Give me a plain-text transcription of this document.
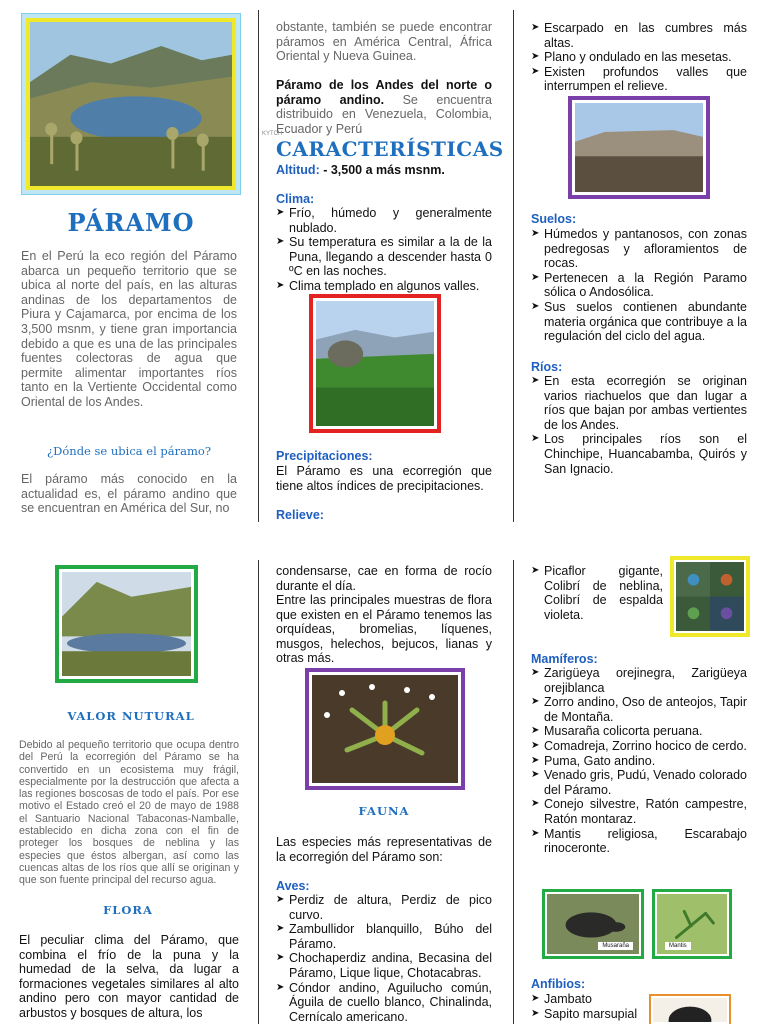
PÁRAMO
En el Perú la eco región del Páramo abarca un pequeño territorio que se ubica al norte del país, en las alturas andinas de los departamentos de Piura y Cajamarca, por encima de los 3,500 msnm, y tiene gran importancia debido a que es una de las principales fuentes colectoras de agua que permite alimentar importantes ríos tanto en la Vertiente Occidental como Oriental de los Andes.
¿Dónde se ubica el páramo?
El páramo más conocido en la actualidad es, el páramo andino que se encuentran en América del Sur, no
obstante, también se puede encontrar páramos en América Central, África Oriental y Nueva Guinea.
Páramo de los Andes del norte o páramo andino. Se encuentra distribuido en Venezuela, Colombia, Ecuador y Perú
KYTCH
CARACTERÍSTICAS
Altitud: - 3,500 a más msnm.
Clima:
➤ Frío, húmedo y generalmente nublado.
➤ Su temperatura es similar a la de la Puna, llegando a descender hasta 0 ºC en las noches.
➤ Clima templado en algunos valles.
Precipitaciones:
El Páramo es una ecorregión que tiene altos índices de precipitaciones.
Relieve:
➤ Escarpado en las cumbres más altas.
➤ Plano y ondulado en las mesetas.
➤ Existen profundos valles que interrumpen el relieve.
Suelos:
➤ Húmedos y pantanosos, con zonas pedregosas y afloramientos de rocas.
➤ Pertenecen a la Región Paramo sólica o Andosólica.
➤ Sus suelos contienen abundante materia orgánica que contribuye a la regulación del ciclo del agua.
Ríos:
➤ En esta ecorregión se originan varios riachuelos que dan lugar a ríos que bajan por ambas vertientes de los Andes.
➤ Los principales ríos son el Chinchipe, Huancabamba, Quirós y San Ignacio.
VALOR NUTURAL
Debido al pequeño territorio que ocupa dentro del Perú la ecorregión del Páramo se ha convertido en un ecosistema muy frágil, especialmente por la destrucción que afecta a las regiones boscosas de todo el país. Por ese motivo el Estado creó el 20 de mayo de 1988 el Santuario Nacional Tabaconas-Namballe, establecido en dicha zona con el fin de proteger los bosques de neblina y las especies que éstos albergan, así como las cuencas altas de los ríos que allí se originan y que son fuente principal del recurso agua.
FLORA
El peculiar clima del Páramo, que combina el frío de la puna y la humedad de la selva, da lugar a formaciones vegetales similares al alto andino pero con mayor cantidad de arbustos y bosques de altura, los
condensarse, cae en forma de rocío durante el día.
Entre las principales muestras de flora que existen en el Páramo tenemos las orquídeas, bromelias, líquenes, musgos, helechos, bejucos, lianas y otras más.
FAUNA
Las especies más representativas de la ecorregión del Páramo son:
Aves:
➤ Perdiz de altura, Perdiz de pico curvo.
➤ Zambullidor blanquillo, Búho del Páramo.
➤ Chochaperdiz andina, Becasina del Páramo, Lique lique, Chotacabras.
➤ Cóndor andino, Aguilucho común, Águila de cuello blanco, Chinalinda, Cernícalo americano.
➤ Picaflor gigante, Colibrí de neblina, Colibrí de espalda violeta.
Mamíferos:
➤ Zarigüeya orejinegra, Zarigüeya orejiblanca
➤ Zorro andino, Oso de anteojos, Tapir de Montaña.
➤ Musaraña colicorta peruana.
➤ Comadreja, Zorrino hocico de cerdo.
➤ Puma, Gato andino.
➤ Venado gris, Pudú, Venado colorado del Páramo.
➤ Conejo silvestre, Ratón campestre, Ratón montaraz.
➤ Mantis religiosa, Escarabajo rinoceronte.
Musaraña	Mantis
Anfibios:
➤ Jambato
➤ Sapito marsupial
